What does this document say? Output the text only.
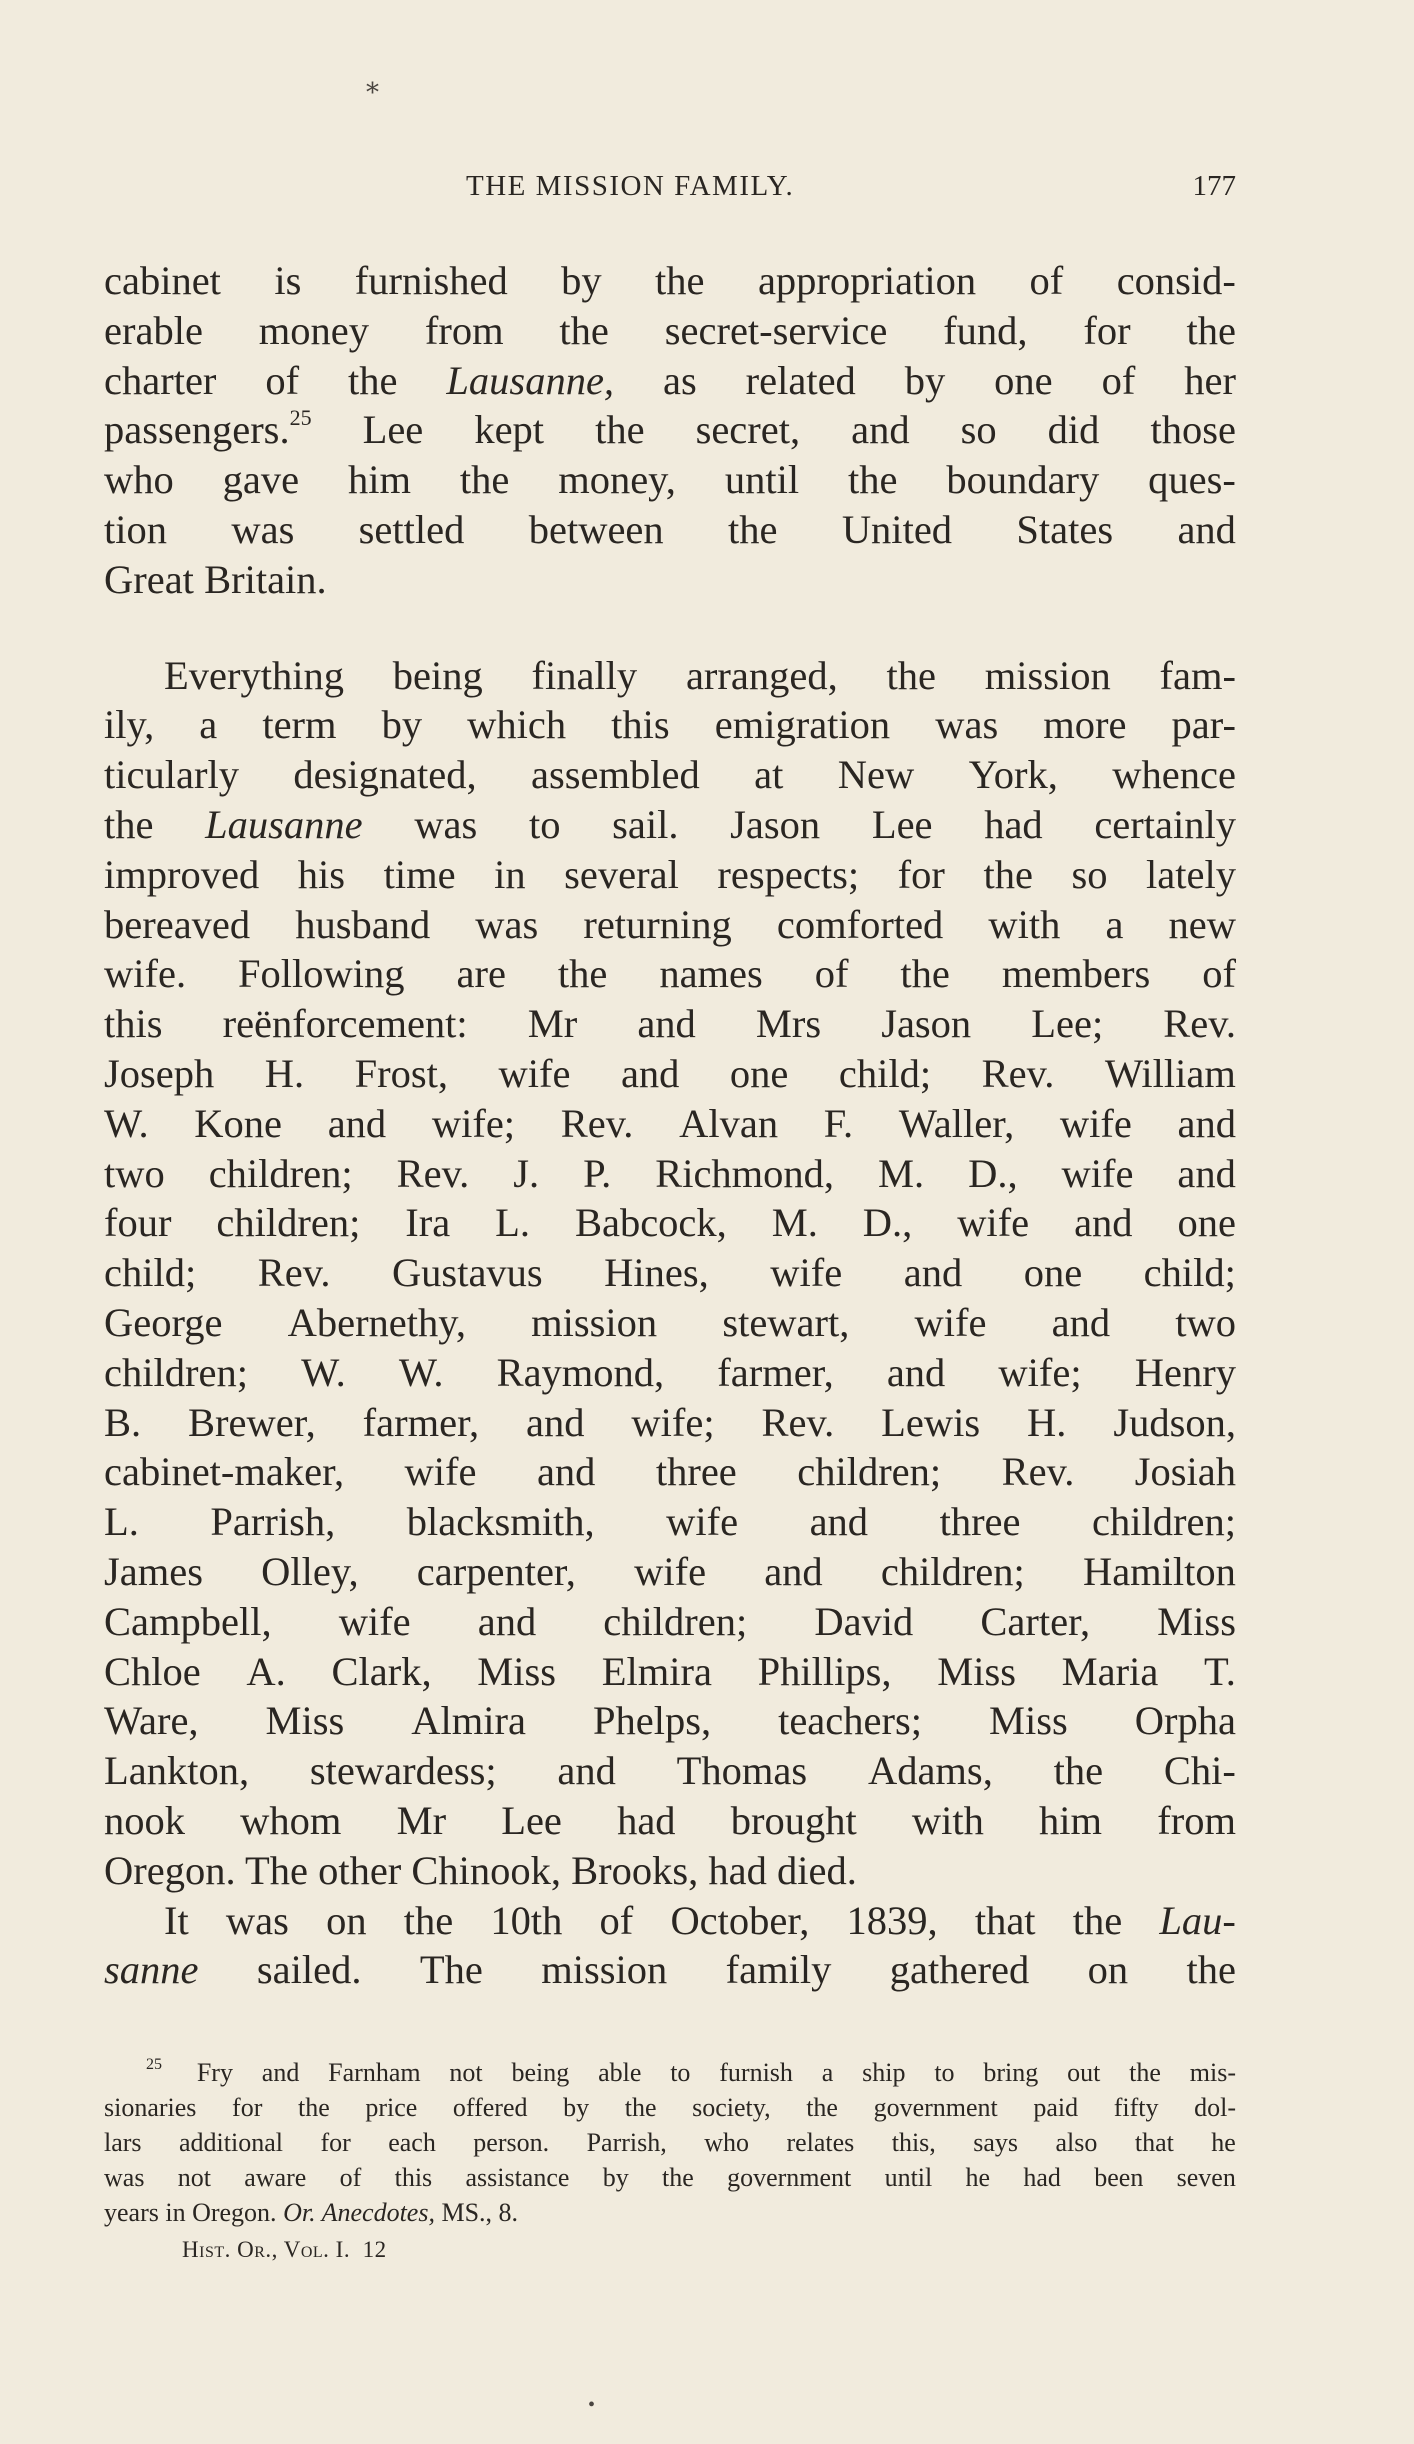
⁎
THE MISSION FAMILY.	177
cabinet is furnished by the appropriation of consid-
erable money from the secret-service fund, for the
charter of the Lausanne, as related by one of her
passengers.$^{25}$ Lee kept the secret, and so did those
who gave him the money, until the boundary ques-
tion was settled between the United States and
Great Britain.
Everything being finally arranged, the mission fam-
ily, a term by which this emigration was more par-
ticularly designated, assembled at New York, whence
the Lausanne was to sail. Jason Lee had certainly
improved his time in several respects; for the so lately
bereaved husband was returning comforted with a new
wife. Following are the names of the members of
this reënforcement: Mr and Mrs Jason Lee; Rev.
Joseph H. Frost, wife and one child; Rev. William
W. Kone and wife; Rev. Alvan F. Waller, wife and
two children; Rev. J. P. Richmond, M. D., wife and
four children; Ira L. Babcock, M. D., wife and one
child; Rev. Gustavus Hines, wife and one child;
George Abernethy, mission stewart, wife and two
children; W. W. Raymond, farmer, and wife; Henry
B. Brewer, farmer, and wife; Rev. Lewis H. Judson,
cabinet-maker, wife and three children; Rev. Josiah
L. Parrish, blacksmith, wife and three children;
James Olley, carpenter, wife and children; Hamilton
Campbell, wife and children; David Carter, Miss
Chloe A. Clark, Miss Elmira Phillips, Miss Maria T.
Ware, Miss Almira Phelps, teachers; Miss Orpha
Lankton, stewardess; and Thomas Adams, the Chi-
nook whom Mr Lee had brought with him from
Oregon. The other Chinook, Brooks, had died.
It was on the 10th of October, 1839, that the Lau-
sanne sailed. The mission family gathered on the
$^{25}$ Fry and Farnham not being able to furnish a ship to bring out the mis-
sionaries for the price offered by the society, the government paid fifty dol-
lars additional for each person. Parrish, who relates this, says also that he
was not aware of this assistance by the government until he had been seven
years in Oregon.
Or. Anecdotes,
MS., 8.
Hist. Or., Vol. I. 12
•
